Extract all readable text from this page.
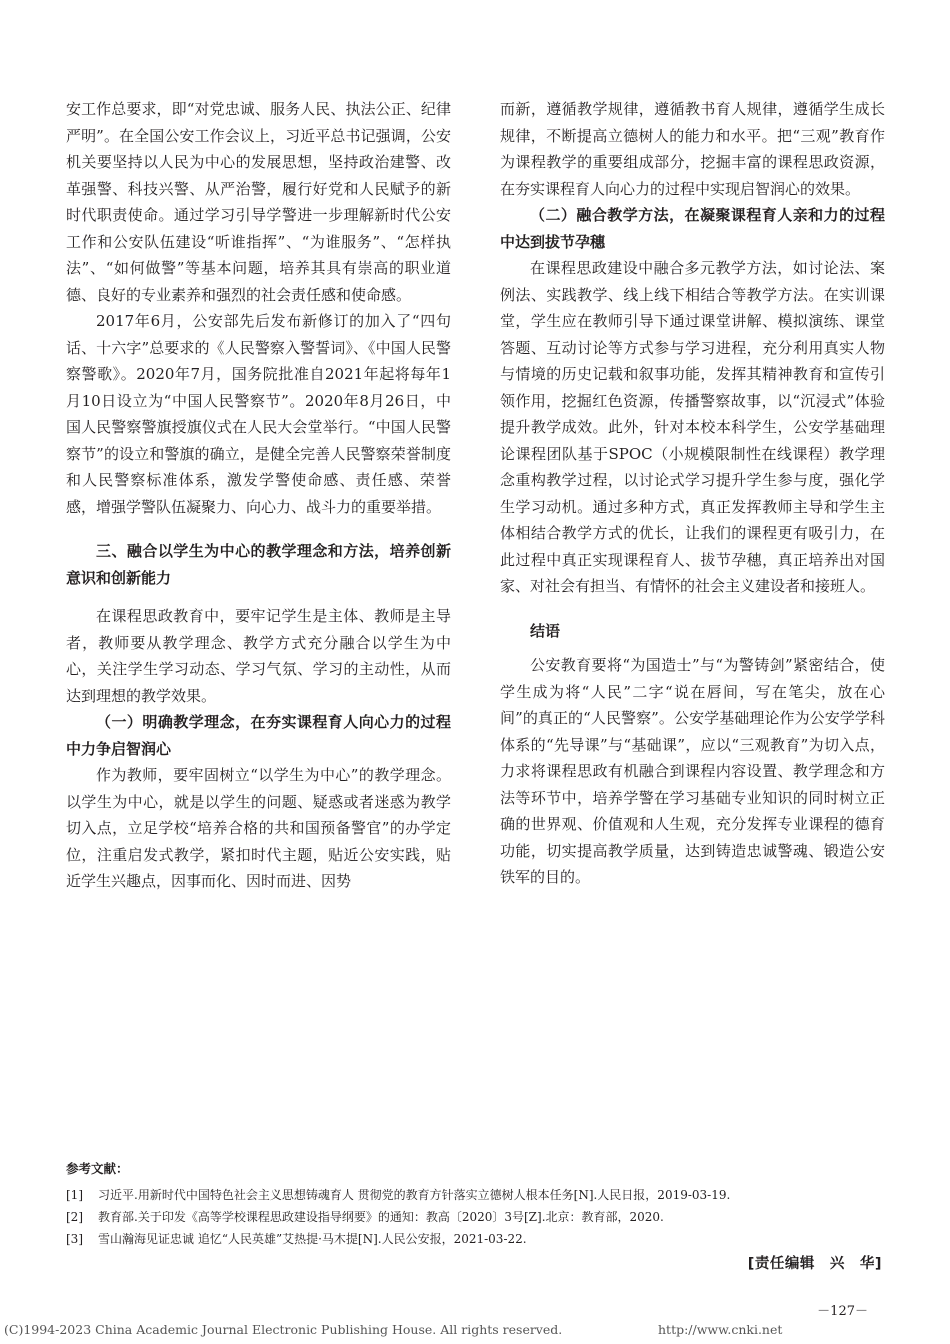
安工作总要求，即“对党忠诚、服务人民、执法公正、纪律严明”。在全国公安工作会议上，习近平总书记强调，公安机关要坚持以人民为中心的发展思想，坚持政治建警、改革强警、科技兴警、从严治警，履行好党和人民赋予的新时代职责使命。通过学习引导学警进一步理解新时代公安工作和公安队伍建设“听谁指挥”、“为谁服务”、“怎样执法”、“如何做警”等基本问题，培养其具有崇高的职业道德、良好的专业素养和强烈的社会责任感和使命感。

2017年6月，公安部先后发布新修订的加入了“四句话、十六字”总要求的《人民警察入警誓词》、《中国人民警察警歌》。2020年7月，国务院批准自2021年起将每年1月10日设立为“中国人民警察节”。2020年8月26日，中国人民警察警旗授旗仪式在人民大会堂举行。“中国人民警察节”的设立和警旗的确立，是健全完善人民警察荣誉制度和人民警察标准体系，激发学警使命感、责任感、荣誉感，增强学警队伍凝聚力、向心力、战斗力的重要举措。

三、融合以学生为中心的教学理念和方法，培养创新意识和创新能力

在课程思政教育中，要牢记学生是主体、教师是主导者，教师要从教学理念、教学方式充分融合以学生为中心，关注学生学习动态、学习气氛、学习的主动性，从而达到理想的教学效果。

（一）明确教学理念，在夯实课程育人向心力的过程中力争启智润心

作为教师，要牢固树立“以学生为中心”的教学理念。以学生为中心，就是以学生的问题、疑惑或者迷惑为教学切入点，立足学校“培养合格的共和国预备警官”的办学定位，注重启发式教学，紧扣时代主题，贴近公安实践，贴近学生兴趣点，因事而化、因时而进、因势

而新，遵循教学规律，遵循教书育人规律，遵循学生成长规律，不断提高立德树人的能力和水平。把“三观”教育作为课程教学的重要组成部分，挖掘丰富的课程思政资源，在夯实课程育人向心力的过程中实现启智润心的效果。

（二）融合教学方法，在凝聚课程育人亲和力的过程中达到拔节孕穗

在课程思政建设中融合多元教学方法，如讨论法、案例法、实践教学、线上线下相结合等教学方法。在实训课堂，学生应在教师引导下通过课堂讲解、模拟演练、课堂答题、互动讨论等方式参与学习进程，充分利用真实人物与情境的历史记载和叙事功能，发挥其精神教育和宣传引领作用，挖掘红色资源，传播警察故事，以“沉浸式”体验提升教学成效。此外，针对本校本科学生，公安学基础理论课程团队基于SPOC（小规模限制性在线课程）教学理念重构教学过程，以讨论式学习提升学生参与度，强化学生学习动机。通过多种方式，真正发挥教师主导和学生主体相结合教学方式的优长，让我们的课程更有吸引力，在此过程中真正实现课程育人、拔节孕穗，真正培养出对国家、对社会有担当、有情怀的社会主义建设者和接班人。

结语

公安教育要将“为国造士”与“为警铸剑”紧密结合，使学生成为将“人民”二字“说在唇间，写在笔尖，放在心间”的真正的“人民警察”。公安学基础理论作为公安学学科体系的“先导课”与“基础课”，应以“三观教育”为切入点，力求将课程思政有机融合到课程内容设置、教学理念和方法等环节中，培养学警在学习基础专业知识的同时树立正确的世界观、价值观和人生观，充分发挥专业课程的德育功能，切实提高教学质量，达到铸造忠诚警魂、锻造公安铁军的目的。

参考文献：
[1]	习近平.用新时代中国特色社会主义思想铸魂育人 贯彻党的教育方针落实立德树人根本任务[N].人民日报，2019-03-19.
[2]	教育部.关于印发《高等学校课程思政建设指导纲要》的通知：教高〔2020〕3号[Z].北京：教育部，2020.
[3]	雪山瀚海见证忠诚 追忆“人民英雄”艾热提·马木提[N].人民公安报，2021-03-22.
[责任编辑　兴　华]
－127－
(C)1994-2023 China Academic Journal Electronic Publishing House. All rights reserved.	http://www.cnki.net
